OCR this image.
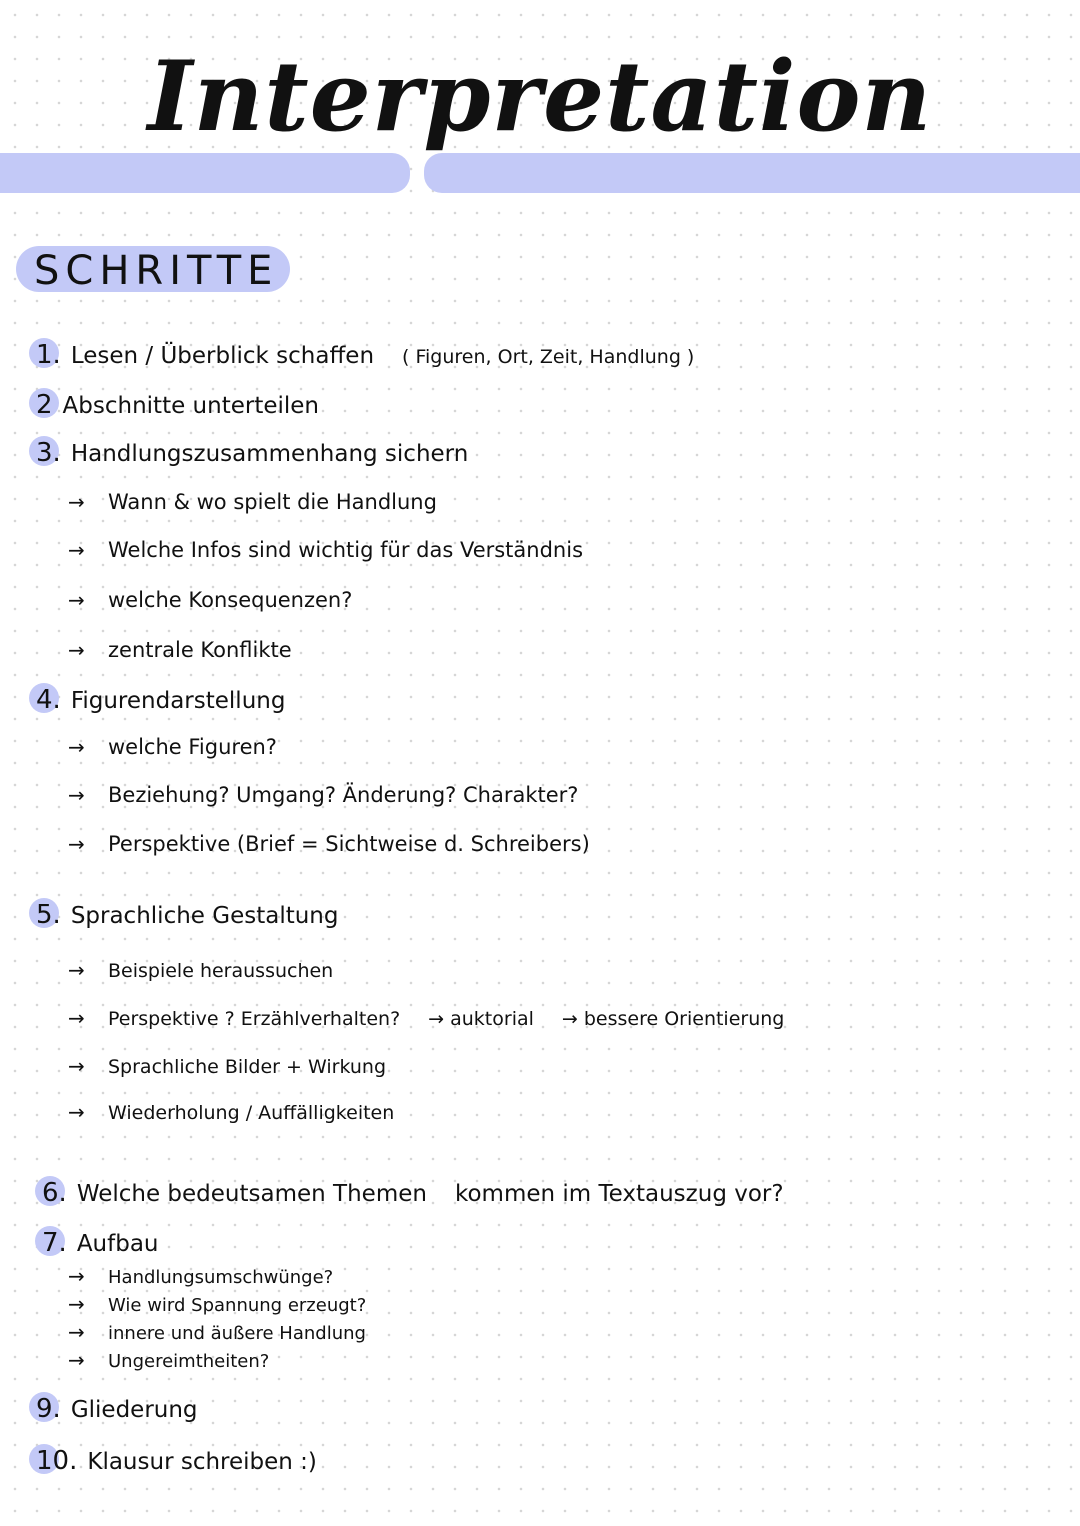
Interpretation
SCHRITTE
1. Lesen / Überblick schaffen ( Figuren, Ort, Zeit, Handlung )
2 Abschnitte unterteilen
3. Handlungszusammenhang sichern
→ Wann & wo spielt die Handlung
→ Welche Infos sind wichtig für das Verständnis
→ welche Konsequenzen?
→ zentrale Konflikte
4. Figurendarstellung
→ welche Figuren?
→ Beziehung? Umgang? Änderung? Charakter?
→ Perspektive (Brief = Sichtweise d. Schreibers)
5. Sprachliche Gestaltung
→ Beispiele heraussuchen
→ Perspektive ? Erzählverhalten? → auktorial → bessere Orientierung
→ Sprachliche Bilder + Wirkung
→ Wiederholung / Auffälligkeiten
6. Welche bedeutsamen Themen kommen im Textauszug vor?
7. Aufbau
→ Handlungsumschwünge?
→ Wie wird Spannung erzeugt?
→ innere und äußere Handlung
→ Ungereimtheiten?
9. Gliederung
10. Klausur schreiben :)
